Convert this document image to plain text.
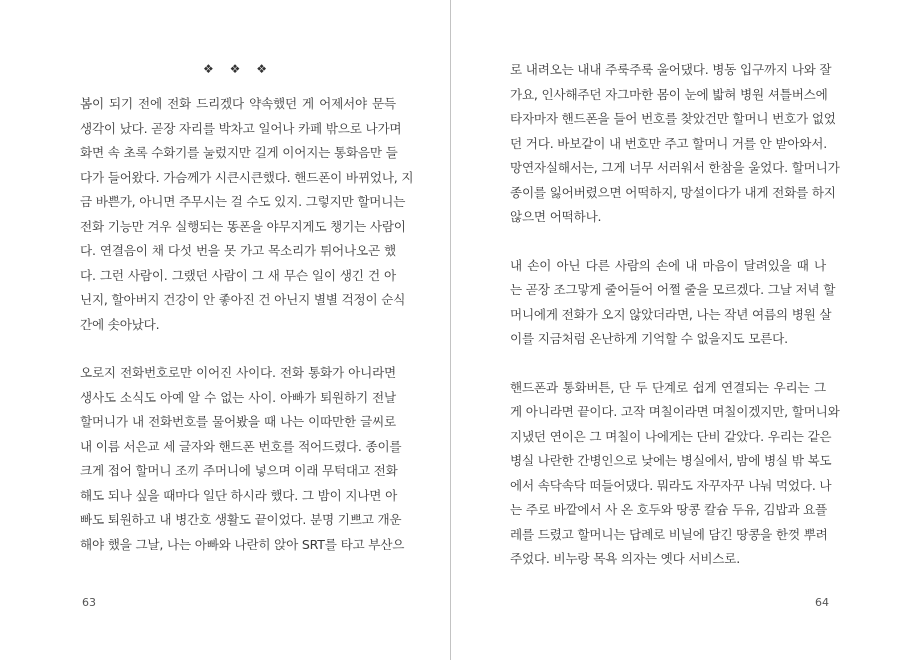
❖ ❖ ❖
봄이 되기 전에 전화 드리겠다 약속했던 게 어제서야 문득
생각이 났다. 곧장 자리를 박차고 일어나 카페 밖으로 나가며
화면 속 초록 수화기를 눌렀지만 길게 이어지는 통화음만 들
다가 들어왔다. 가슴께가 시큰시큰했다. 핸드폰이 바뀌었나, 지
금 바쁜가, 아니면 주무시는 걸 수도 있지. 그렇지만 할머니는
전화 기능만 겨우 실행되는 똥폰을 야무지게도 챙기는 사람이
다. 연결음이 채 다섯 번을 못 가고 목소리가 튀어나오곤 했
다. 그런 사람이. 그랬던 사람이 그 새 무슨 일이 생긴 건 아
닌지, 할아버지 건강이 안 좋아진 건 아닌지 별별 걱정이 순식
간에 솟아났다.
오로지 전화번호로만 이어진 사이다. 전화 통화가 아니라면
생사도 소식도 아예 알 수 없는 사이. 아빠가 퇴원하기 전날
할머니가 내 전화번호를 물어봤을 때 나는 이따만한 글씨로
내 이름 서은교 세 글자와 핸드폰 번호를 적어드렸다. 종이를
크게 접어 할머니 조끼 주머니에 넣으며 이래 무턱대고 전화
해도 되나 싶을 때마다 일단 하시라 했다. 그 밤이 지나면 아
빠도 퇴원하고 내 병간호 생활도 끝이었다. 분명 기쁘고 개운
해야 했을 그날, 나는 아빠와 나란히 앉아 SRT를 타고 부산으
63
로 내려오는 내내 주룩주룩 울어댔다. 병동 입구까지 나와 잘
가요, 인사해주던 자그마한 몸이 눈에 밟혀 병원 셔틀버스에
타자마자 핸드폰을 들어 번호를 찾았건만 할머니 번호가 없었
던 거다. 바보같이 내 번호만 주고 할머니 거를 안 받아와서.
망연자실해서는, 그게 너무 서러워서 한참을 울었다. 할머니가
종이를 잃어버렸으면 어떡하지, 망설이다가 내게 전화를 하지
않으면 어떡하나.
내 손이 아닌 다른 사람의 손에 내 마음이 달려있을 때 나
는 곧장 조그맣게 줄어들어 어쩔 줄을 모르겠다. 그날 저녁 할
머니에게 전화가 오지 않았더라면, 나는 작년 여름의 병원 살
이를 지금처럼 온난하게 기억할 수 없을지도 모른다.
핸드폰과 통화버튼, 단 두 단계로 쉽게 연결되는 우리는 그
게 아니라면 끝이다. 고작 며칠이라면 며칠이겠지만, 할머니와
지냈던 연이은 그 며칠이 나에게는 단비 같았다. 우리는 같은
병실 나란한 간병인으로 낮에는 병실에서, 밤에 병실 밖 복도
에서 속닥속닥 떠들어댔다. 뭐라도 자꾸자꾸 나눠 먹었다. 나
는 주로 바깥에서 사 온 호두와 땅콩 칼슘 두유, 김밥과 요플
레를 드렸고 할머니는 답례로 비닐에 담긴 땅콩을 한껏 뿌려
주었다. 비누랑 목욕 의자는 옛다 서비스로.
64
